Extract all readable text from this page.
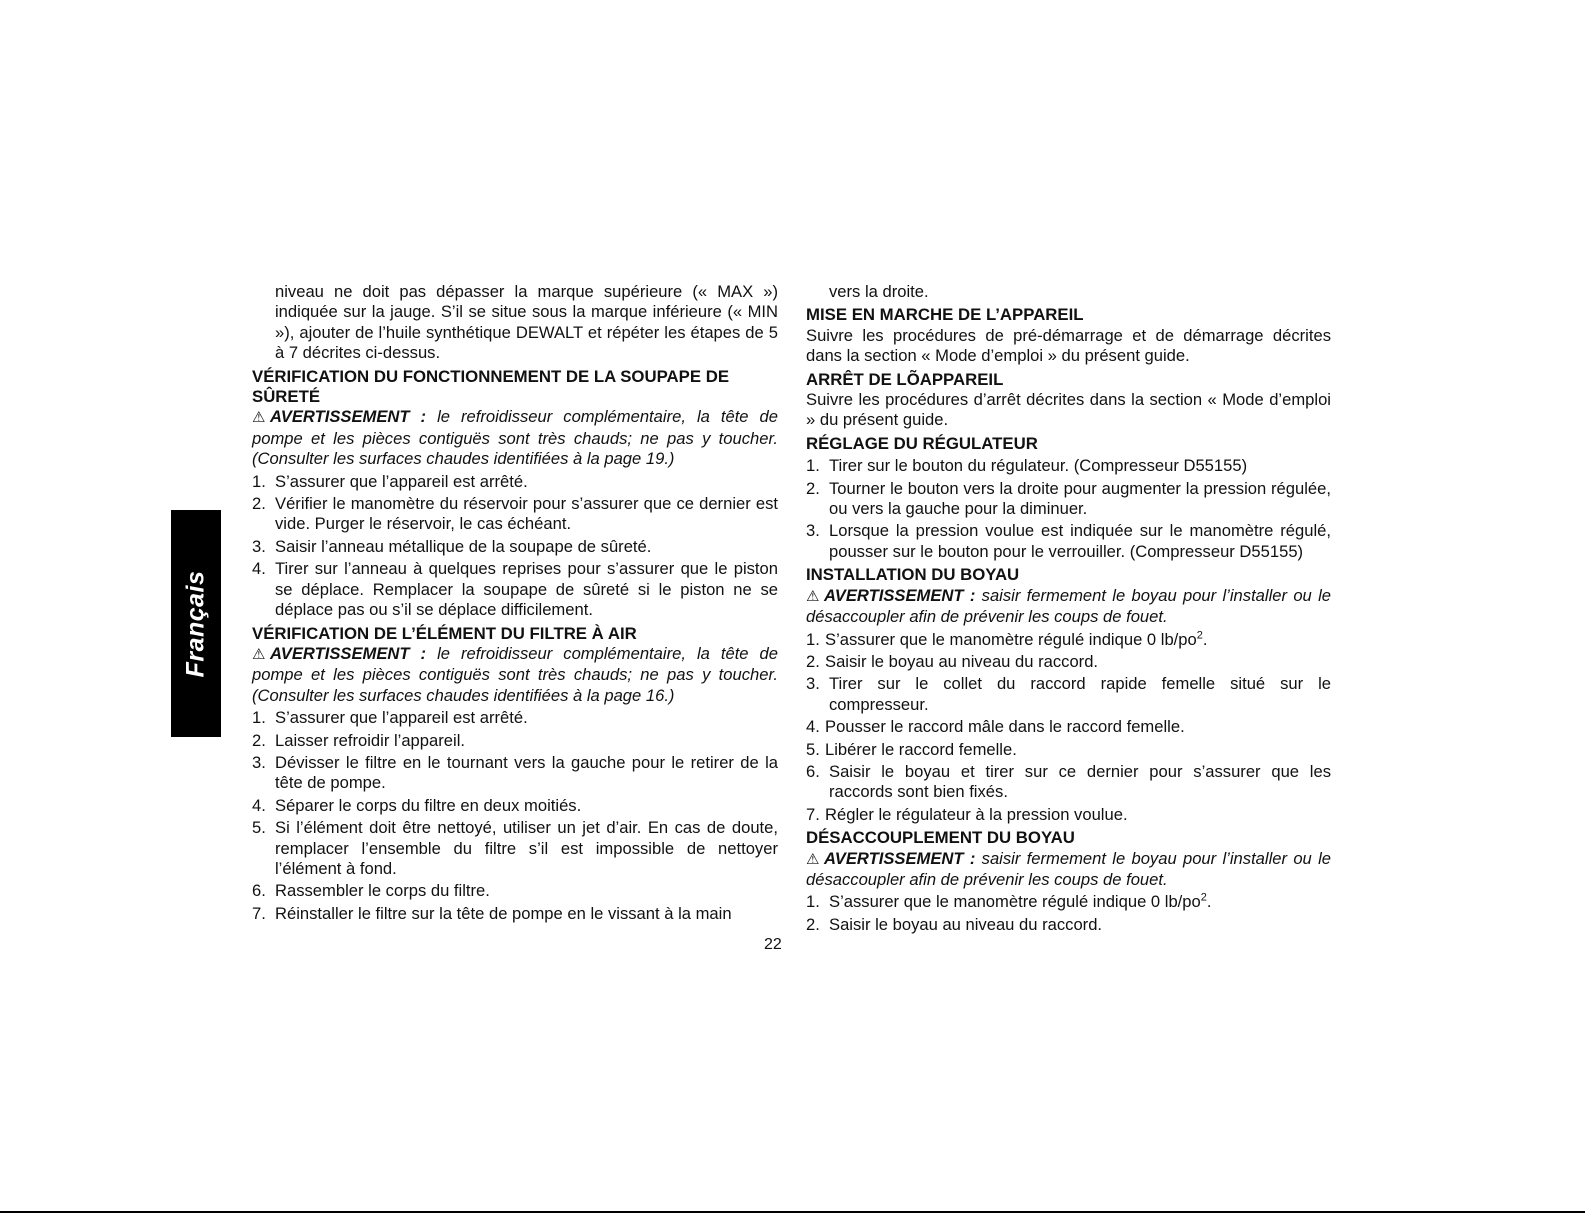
Français
niveau ne doit pas dépasser la marque supérieure (« MAX ») indiquée sur la jauge. S’il se situe sous la marque inférieure (« MIN »), ajouter de l’huile synthétique DEWALT et répéter les étapes de 5 à 7 décrites ci-dessus.
VÉRIFICATION DU FONCTIONNEMENT DE LA SOUPAPE DE SÛRETÉ
⚠ AVERTISSEMENT : le refroidisseur complémentaire, la tête de pompe et les pièces contiguës sont très chauds; ne pas y toucher. (Consulter les surfaces chaudes identifiées à la page 19.)
1. S’assurer que l’appareil est arrêté.
2. Vérifier le manomètre du réservoir pour s’assurer que ce dernier est vide. Purger le réservoir, le cas échéant.
3. Saisir l’anneau métallique de la soupape de sûreté.
4. Tirer sur l’anneau à quelques reprises pour s’assurer que le piston se déplace. Remplacer la soupape de sûreté si le piston ne se déplace pas ou s’il se déplace difficilement.
VÉRIFICATION DE L’ÉLÉMENT DU FILTRE À AIR
⚠ AVERTISSEMENT : le refroidisseur complémentaire, la tête de pompe et les pièces contiguës sont très chauds; ne pas y toucher. (Consulter les surfaces chaudes identifiées à la page 16.)
1. S’assurer que l’appareil est arrêté.
2. Laisser refroidir l’appareil.
3. Dévisser le filtre en le tournant vers la gauche pour le retirer de la tête de pompe.
4. Séparer le corps du filtre en deux moitiés.
5. Si l’élément doit être nettoyé, utiliser un jet d’air. En cas de doute, remplacer l’ensemble du filtre s’il est impossible de nettoyer l’élément à fond.
6. Rassembler le corps du filtre.
7. Réinstaller le filtre sur la tête de pompe en le vissant à la main
vers la droite.
MISE EN MARCHE DE L’APPAREIL
Suivre les procédures de pré-démarrage et de démarrage décrites dans la section « Mode d’emploi » du présent guide.
ARRÊT DE LÕAPPAREIL
Suivre les procédures d’arrêt décrites dans la section « Mode d’emploi » du présent guide.
RÉGLAGE DU RÉGULATEUR
1. Tirer sur le bouton du régulateur. (Compresseur D55155)
2. Tourner le bouton vers la droite pour augmenter la pression régulée, ou vers la gauche pour la diminuer.
3. Lorsque la pression voulue est indiquée sur le manomètre régulé, pousser sur le bouton pour le verrouiller. (Compresseur D55155)
INSTALLATION DU BOYAU
⚠ AVERTISSEMENT : saisir fermement le boyau pour l’installer ou le désaccoupler afin de prévenir les coups de fouet.
1. S’assurer que le manomètre régulé indique 0 $lb/po^2$.
2. Saisir le boyau au niveau du raccord.
3. Tirer sur le collet du raccord rapide femelle situé sur le compresseur.
4. Pousser le raccord mâle dans le raccord femelle.
5. Libérer le raccord femelle.
6. Saisir le boyau et tirer sur ce dernier pour s’assurer que les raccords sont bien fixés.
7. Régler le régulateur à la pression voulue.
DÉSACCOUPLEMENT DU BOYAU
⚠ AVERTISSEMENT : saisir fermement le boyau pour l’installer ou le désaccoupler afin de prévenir les coups de fouet.
1. S’assurer que le manomètre régulé indique 0 $lb/po^2$.
2. Saisir le boyau au niveau du raccord.
22
